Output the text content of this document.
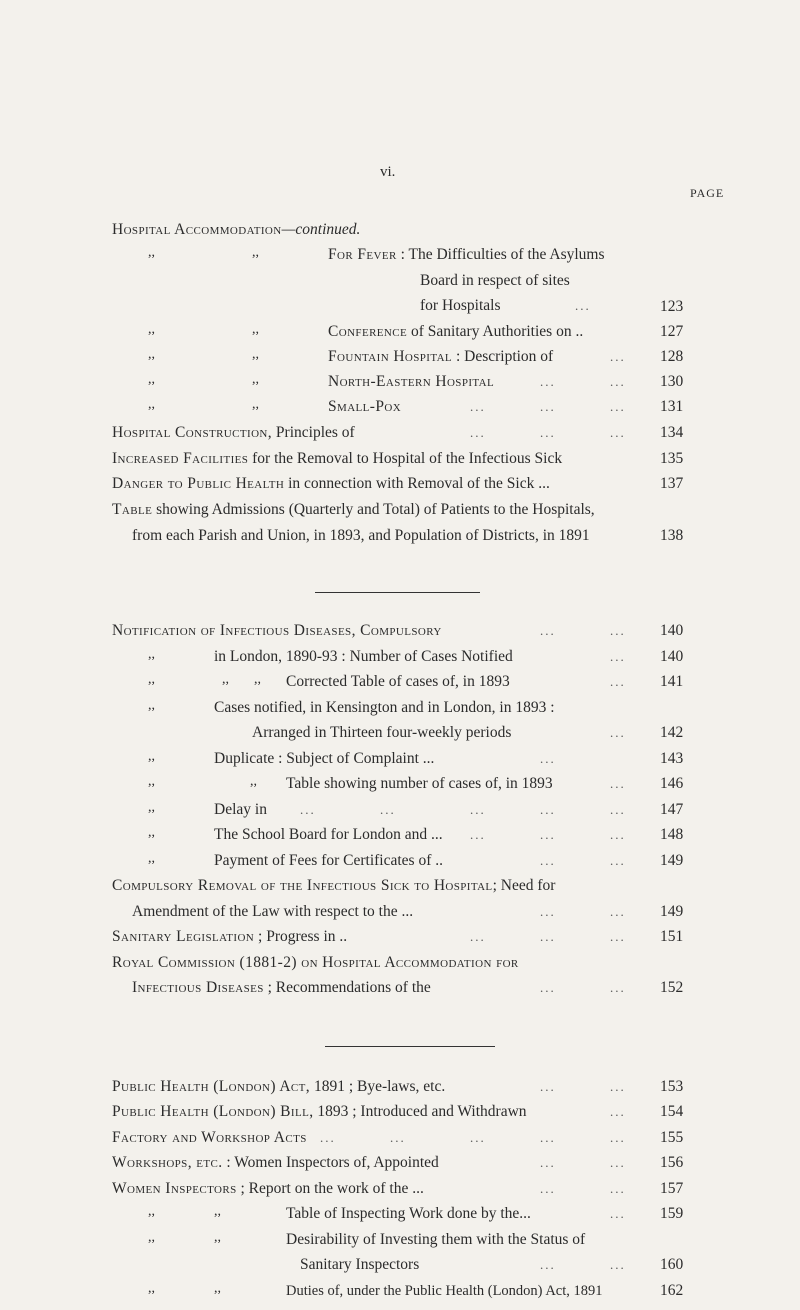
vi.
PAGE
Hospital Accommodation—continued.
,,	,,	For Fever : The Difficulties of the Asylums
Board in respect of sites
for Hospitals	...	123
,,	,,	Conference of Sanitary Authorities on ..	127
,,	,,	Fountain Hospital : Description of	... 128
,,	,,	North-Eastern Hospital	...	... 130
,,	,,	Small-Pox	...	...	... 131
Hospital Construction, Principles of	...	...	... 134
Increased Facilities for the Removal to Hospital of the Infectious Sick	135
Danger to Public Health in connection with Removal of the Sick ...	137
Table showing Admissions (Quarterly and Total) of Patients to the Hospitals,
from each Parish and Union, in 1893, and Population of Districts, in 1891	138
Notification of Infectious Diseases, Compulsory	...	... 140
,,	in London, 1890-93 : Number of Cases Notified	... 140
,,	,, ,, Corrected Table of cases of, in 1893	... 141
,,	Cases notified, in Kensington and in London, in 1893 :
Arranged in Thirteen four-weekly periods	... 142
,,	Duplicate : Subject of Complaint ...	...	143
,,	,, Table showing number of cases of, in 1893	... 146
,,	Delay in	...	...	...	...	... 147
,,	The School Board for London and ... ...	...	... 148
,,	Payment of Fees for Certificates of ..	...	... 149
Compulsory Removal of the Infectious Sick to Hospital; Need for
Amendment of the Law with respect to the ...	...	... 149
Sanitary Legislation ; Progress in ..	...	...	... 151
Royal Commission (1881-2) on Hospital Accommodation for
Infectious Diseases ; Recommendations of the	...	... 152
Public Health (London) Act, 1891 ; Bye-laws, etc.	...	... 153
Public Health (London) Bill, 1893 ; Introduced and Withdrawn	... 154
Factory and Workshop Acts ...	...	...	...	... 155
Workshops, etc. : Women Inspectors of, Appointed	...	... 156
Women Inspectors ; Report on the work of the ...	...	... 157
,,	,,	Table of Inspecting Work done by the...	... 159
,,	,,	Desirability of Investing them with the Status of
Sanitary Inspectors	...	... 160
,,	,,	Duties of, under the Public Health (London) Act, 1891	162
